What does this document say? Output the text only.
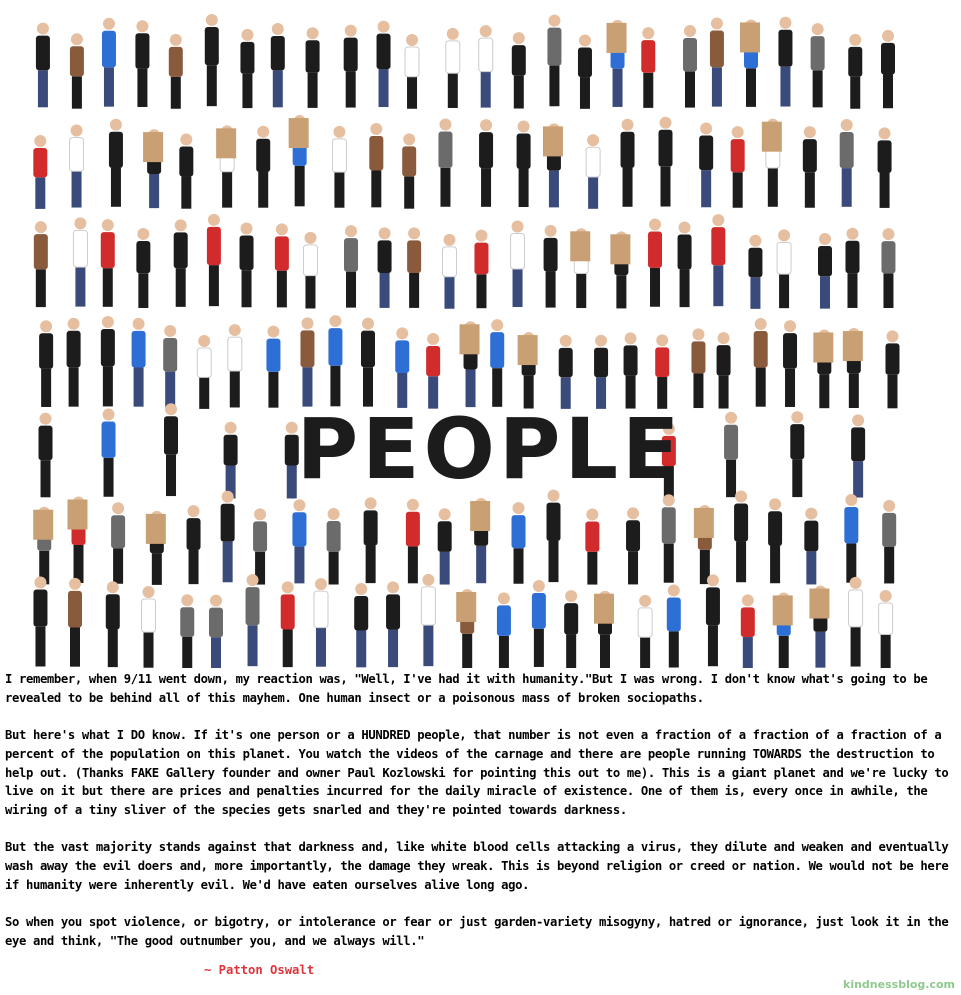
PEOPLE

I remember, when 9/11 went down, my reaction was, "Well, I've had it with humanity."But I was wrong. I don't know what's going to be revealed to be behind all of this mayhem. One human insect or a poisonous mass of broken sociopaths.

But here's what I DO know. If it's one person or a HUNDRED people, that number is not even a fraction of a fraction of a fraction of a percent of the population on this planet. You watch the videos of the carnage and there are people running TOWARDS the destruction to help out. (Thanks FAKE Gallery founder and owner Paul Kozlowski for pointing this out to me). This is a giant planet and we're lucky to live on it but there are prices and penalties incurred for the daily miracle of existence. One of them is, every once in awhile, the wiring of a tiny sliver of the species gets snarled and they're pointed towards darkness.

But the vast majority stands against that darkness and, like white blood cells attacking a virus, they dilute and weaken and eventually wash away the evil doers and, more importantly, the damage they wreak. This is beyond religion or creed or nation. We would not be here if humanity were inherently evil. We'd have eaten ourselves alive long ago.

So when you spot violence, or bigotry, or intolerance or fear or just garden-variety misogyny, hatred or ignorance, just look it in the eye and think, "The good outnumber you, and we always will."

~ Patton Oswalt
kindnessblog.com
